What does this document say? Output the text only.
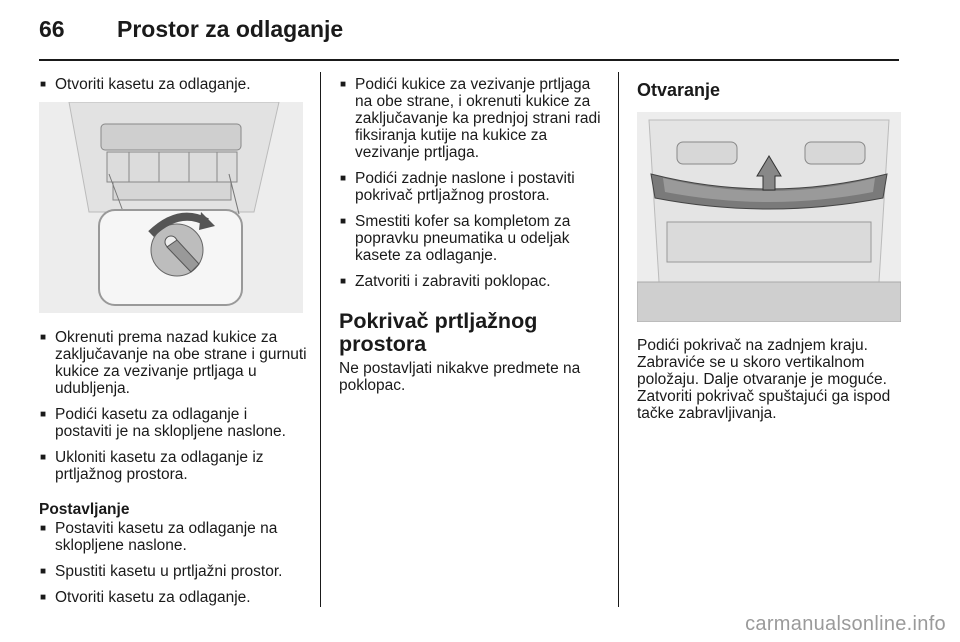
66	Prostor za odlaganje
■ Otvoriti kasetu za odlaganje.
■ Okrenuti prema nazad kukice za zaključavanje na obe strane i gurnuti kukice za vezivanje prtljaga u udubljenja.
■ Podići kasetu za odlaganje i postaviti je na sklopljene naslone.
■ Ukloniti kasetu za odlaganje iz prtljažnog prostora.
Postavljanje
■ Postaviti kasetu za odlaganje na sklopljene naslone.
■ Spustiti kasetu u prtljažni prostor.
■ Otvoriti kasetu za odlaganje.
■ Podići kukice za vezivanje prtljaga na obe strane, i okrenuti kukice za zaključavanje ka prednjoj strani radi fiksiranja kutije na kukice za vezivanje prtljaga.
■ Podići zadnje naslone i postaviti pokrivač prtljažnog prostora.
■ Smestiti kofer sa kompletom za popravku pneumatika u odeljak kasete za odlaganje.
■ Zatvoriti i zabraviti poklopac.
Pokrivač prtljažnog prostora

Ne postavljati nikakve predmete na poklopac.

Otvaranje

Podići pokrivač na zadnjem kraju. Zabraviće se u skoro vertikalnom položaju. Dalje otvaranje je moguće. Zatvoriti pokrivač spuštajući ga ispod tačke zabravljivanja.

carmanualsonline.info
